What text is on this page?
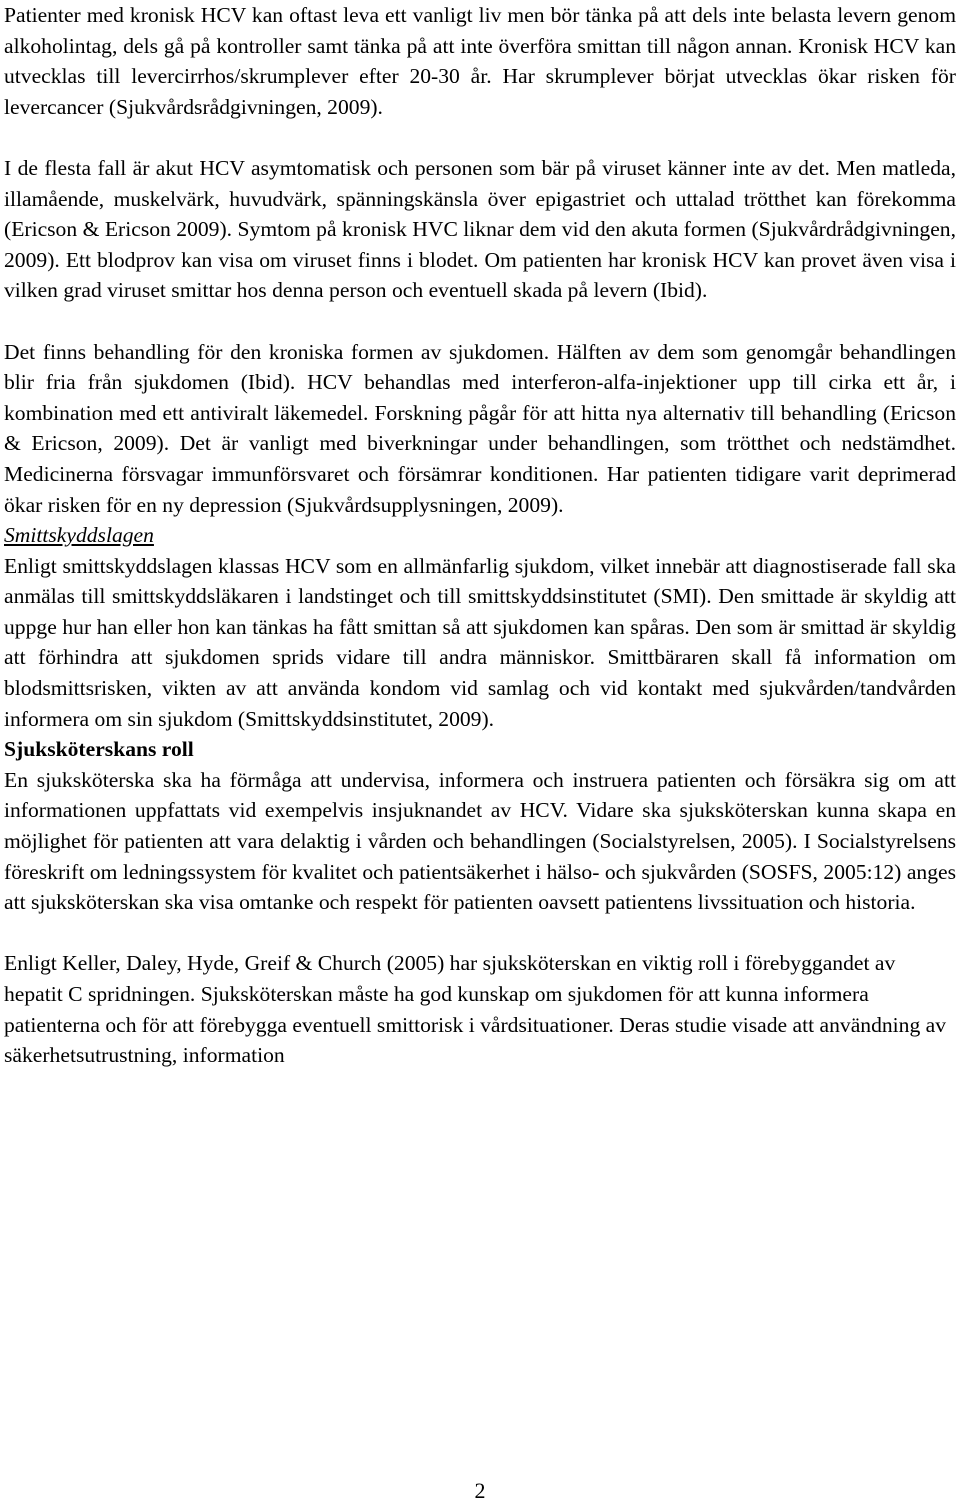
Patienter med kronisk HCV kan oftast leva ett vanligt liv men bör tänka på att dels inte belasta levern genom alkoholintag, dels gå på kontroller samt tänka på att inte överföra smittan till någon annan. Kronisk HCV kan utvecklas till levercirrhos/skrumplever efter 20-30 år. Har skrumplever börjat utvecklas ökar risken för levercancer (Sjukvårdsrådgivningen, 2009).

I de flesta fall är akut HCV asymtomatisk och personen som bär på viruset känner inte av det. Men matleda, illamående, muskelvärk, huvudvärk, spänningskänsla över epigastriet och uttalad trötthet kan förekomma (Ericson & Ericson 2009). Symtom på kronisk HVC liknar dem vid den akuta formen (Sjukvårdrådgivningen, 2009). Ett blodprov kan visa om viruset finns i blodet. Om patienten har kronisk HCV kan provet även visa i vilken grad viruset smittar hos denna person och eventuell skada på levern (Ibid).

Det finns behandling för den kroniska formen av sjukdomen. Hälften av dem som genomgår behandlingen blir fria från sjukdomen (Ibid). HCV behandlas med interferon-alfa-injektioner upp till cirka ett år, i kombination med ett antiviralt läkemedel. Forskning pågår för att hitta nya alternativ till behandling (Ericson & Ericson, 2009). Det är vanligt med biverkningar under behandlingen, som trötthet och nedstämdhet. Medicinerna försvagar immunförsvaret och försämrar konditionen. Har patienten tidigare varit deprimerad ökar risken för en ny depression (Sjukvårdsupplysningen, 2009).

Smittskyddslagen

Enligt smittskyddslagen klassas HCV som en allmänfarlig sjukdom, vilket innebär att diagnostiserade fall ska anmälas till smittskyddsläkaren i landstinget och till smittskyddsinstitutet (SMI). Den smittade är skyldig att uppge hur han eller hon kan tänkas ha fått smittan så att sjukdomen kan spåras. Den som är smittad är skyldig att förhindra att sjukdomen sprids vidare till andra människor. Smittbäraren skall få information om blodsmittsrisken, vikten av att använda kondom vid samlag och vid kontakt med sjukvården/tandvården informera om sin sjukdom (Smittskyddsinstitutet, 2009).

Sjuksköterskans roll

En sjuksköterska ska ha förmåga att undervisa, informera och instruera patienten och försäkra sig om att informationen uppfattats vid exempelvis insjuknandet av HCV. Vidare ska sjuksköterskan kunna skapa en möjlighet för patienten att vara delaktig i vården och behandlingen (Socialstyrelsen, 2005). I Socialstyrelsens föreskrift om ledningssystem för kvalitet och patientsäkerhet i hälso- och sjukvården (SOSFS, 2005:12) anges att sjuksköterskan ska visa omtanke och respekt för patienten oavsett patientens livssituation och historia.

Enligt Keller, Daley, Hyde, Greif & Church (2005) har sjuksköterskan en viktig roll i förebyggandet av hepatit C spridningen. Sjuksköterskan måste ha god kunskap om sjukdomen för att kunna informera patienterna och för att förebygga eventuell smittorisk i vårdsituationer. Deras studie visade att användning av säkerhetsutrustning, information

2
